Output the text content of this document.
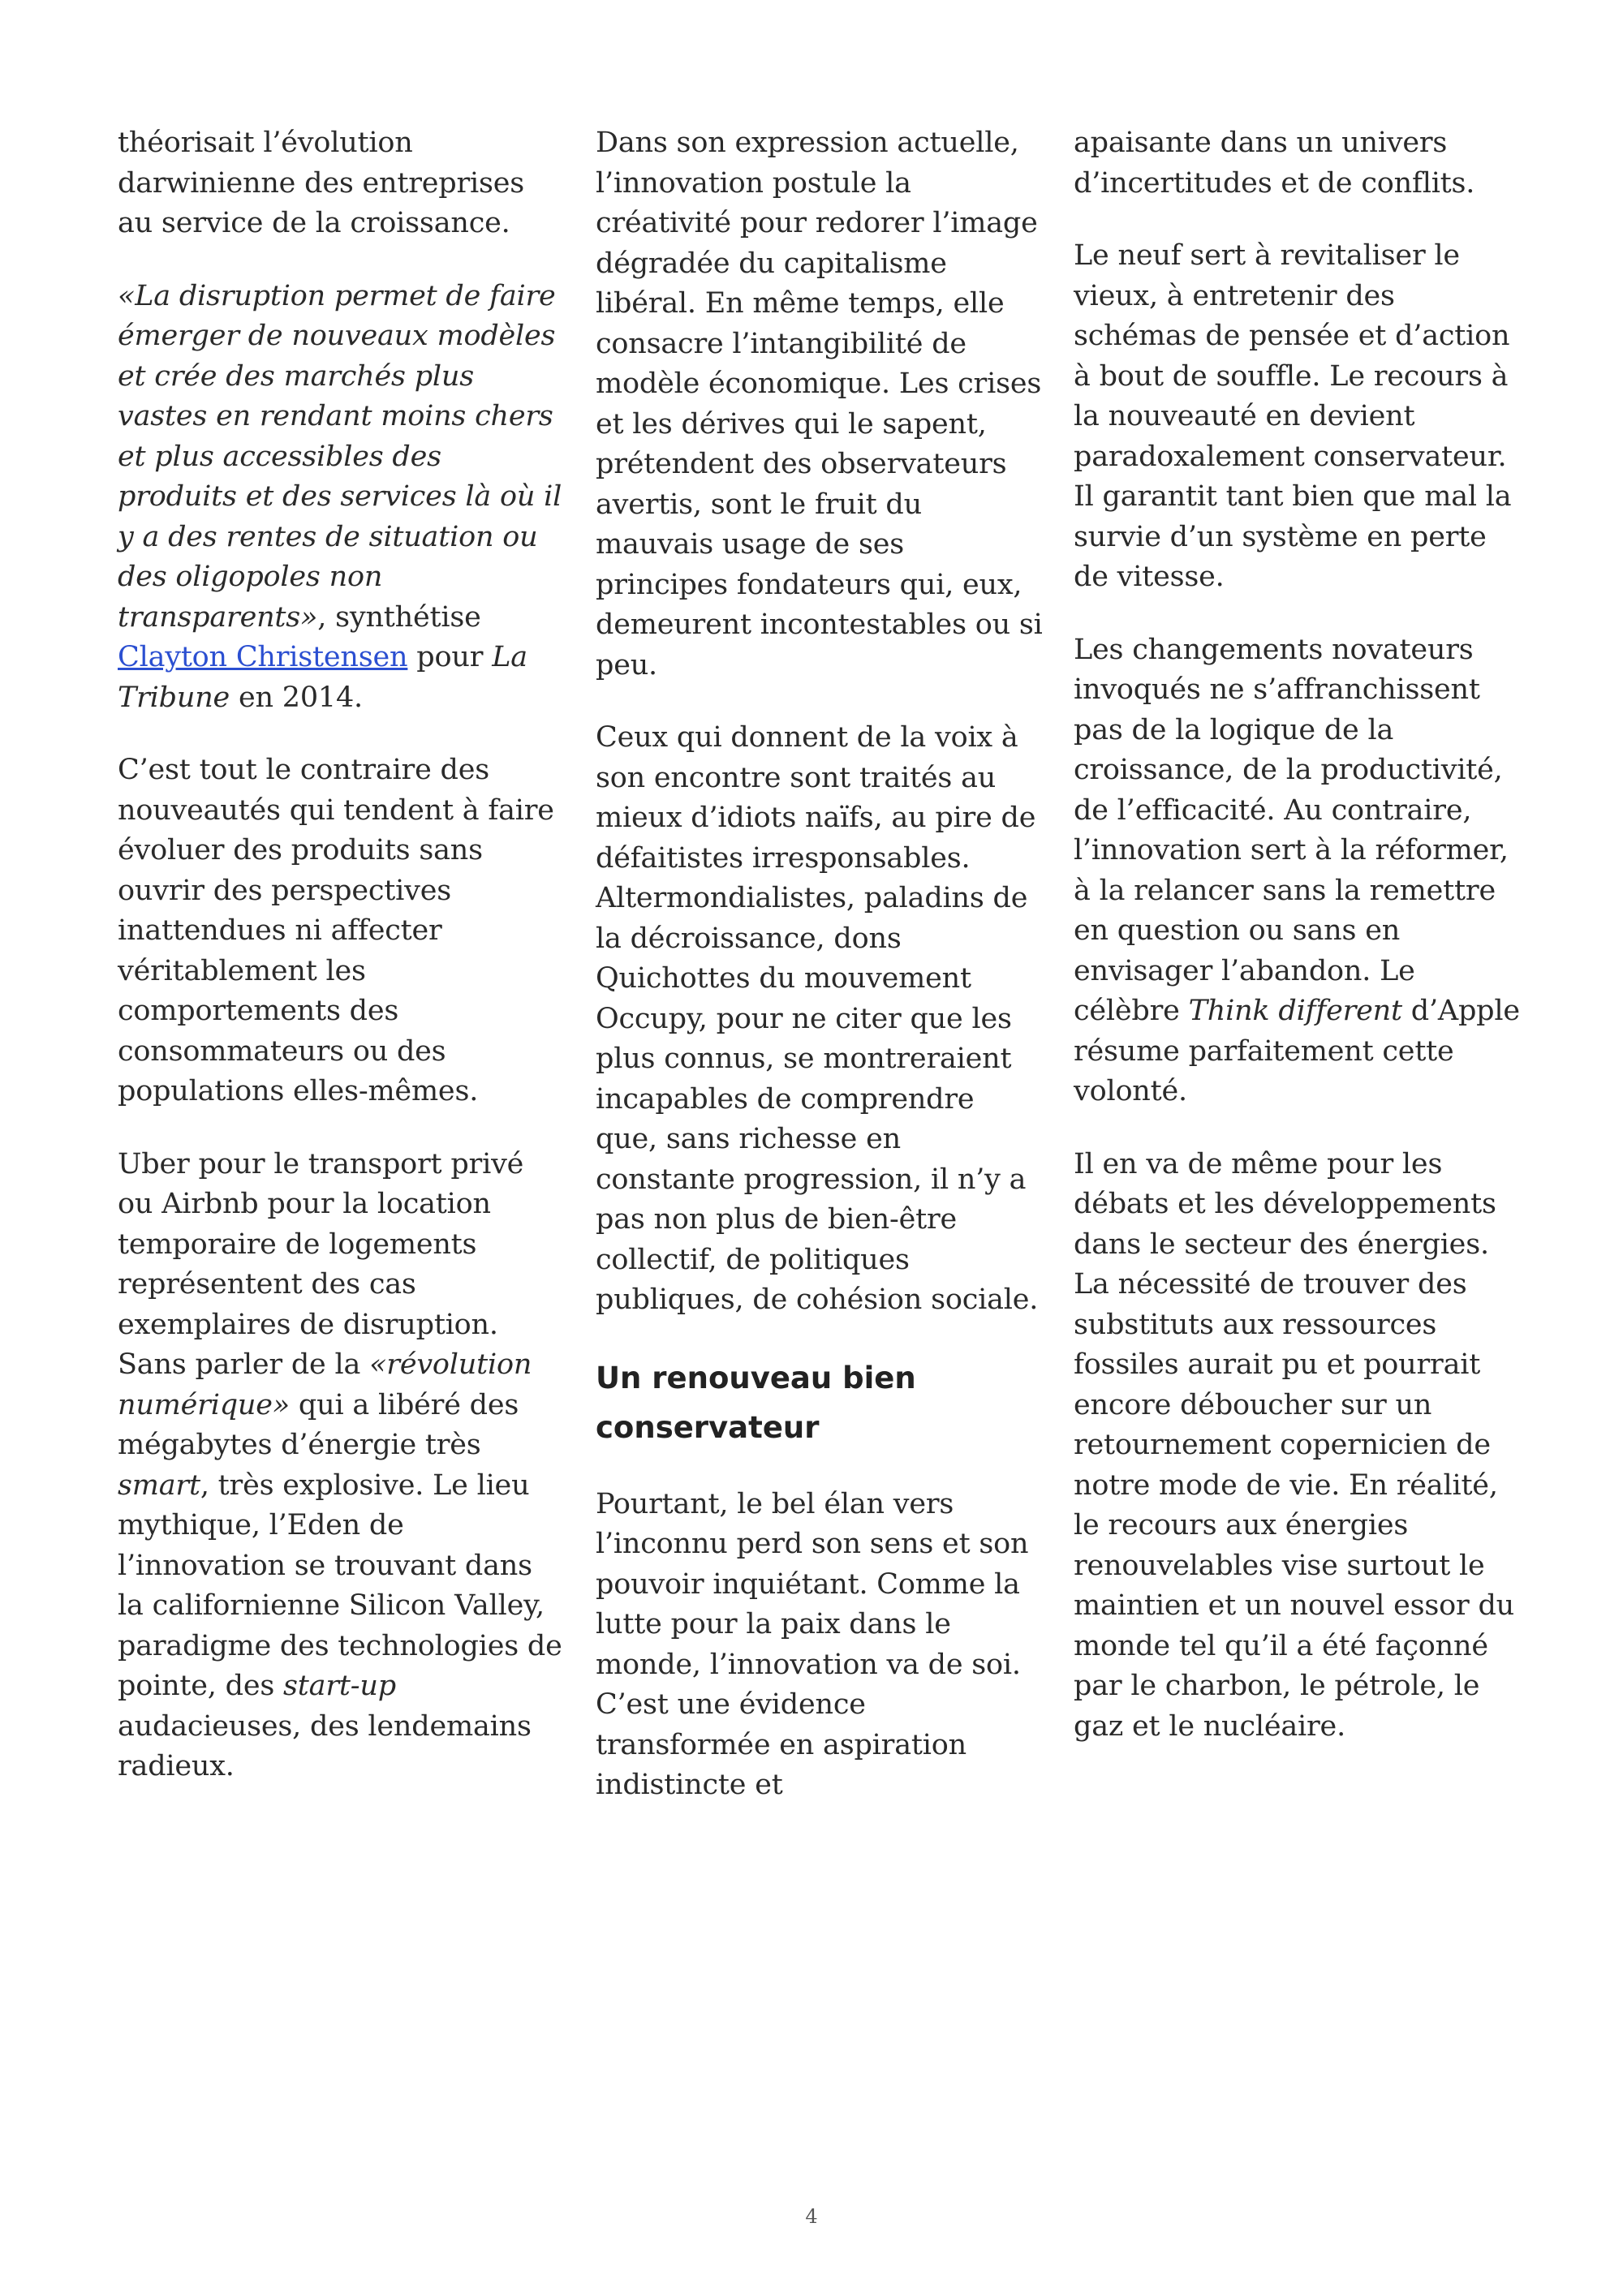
théorisait l’évolution darwinienne des entreprises au service de la croissance.

«La disruption permet de faire émerger de nouveaux modèles et crée des marchés plus vastes en rendant moins chers et plus accessibles des produits et des services là où il y a des rentes de situation ou des oligopoles non transparents», synthétise Clayton Christensen pour La Tribune en 2014.

C’est tout le contraire des nouveautés qui tendent à faire évoluer des produits sans ouvrir des perspectives inattendues ni affecter véritablement les comportements des consommateurs ou des populations elles-mêmes.

Uber pour le transport privé ou Airbnb pour la location temporaire de logements représentent des cas exemplaires de disruption. Sans parler de la «révolution numérique» qui a libéré des mégabytes d’énergie très smart, très explosive. Le lieu mythique, l’Eden de l’innovation se trouvant dans la californienne Silicon Valley, paradigme des technologies de pointe, des start-up audacieuses, des lendemains radieux.

Dans son expression actuelle, l’innovation postule la créativité pour redorer l’image dégradée du capitalisme libéral. En même temps, elle consacre l’intangibilité de modèle économique. Les crises et les dérives qui le sapent, prétendent des observateurs avertis, sont le fruit du mauvais usage de ses principes fondateurs qui, eux, demeurent incontestables ou si peu.

Ceux qui donnent de la voix à son encontre sont traités au mieux d’idiots naïfs, au pire de défaitistes irresponsables. Altermondialistes, paladins de la décroissance, dons Quichottes du mouvement Occupy, pour ne citer que les plus connus, se montreraient incapables de comprendre que, sans richesse en constante progression, il n’y a pas non plus de bien-être collectif, de politiques publiques, de cohésion sociale.

Un renouveau bien conservateur

Pourtant, le bel élan vers l’inconnu perd son sens et son pouvoir inquiétant. Comme la lutte pour la paix dans le monde, l’innovation va de soi. C’est une évidence transformée en aspiration indistincte et

apaisante dans un univers d’incertitudes et de conflits.

Le neuf sert à revitaliser le vieux, à entretenir des schémas de pensée et d’action à bout de souffle. Le recours à la nouveauté en devient paradoxalement conservateur. Il garantit tant bien que mal la survie d’un système en perte de vitesse.

Les changements novateurs invoqués ne s’affranchissent pas de la logique de la croissance, de la productivité, de l’efficacité. Au contraire, l’innovation sert à la réformer, à la relancer sans la remettre en question ou sans en envisager l’abandon. Le célèbre Think different d’Apple résume parfaitement cette volonté.

Il en va de même pour les débats et les développements dans le secteur des énergies. La nécessité de trouver des substituts aux ressources fossiles aurait pu et pourrait encore déboucher sur un retournement copernicien de notre mode de vie. En réalité, le recours aux énergies renouvelables vise surtout le maintien et un nouvel essor du monde tel qu’il a été façonné par le charbon, le pétrole, le gaz et le nucléaire.

4
